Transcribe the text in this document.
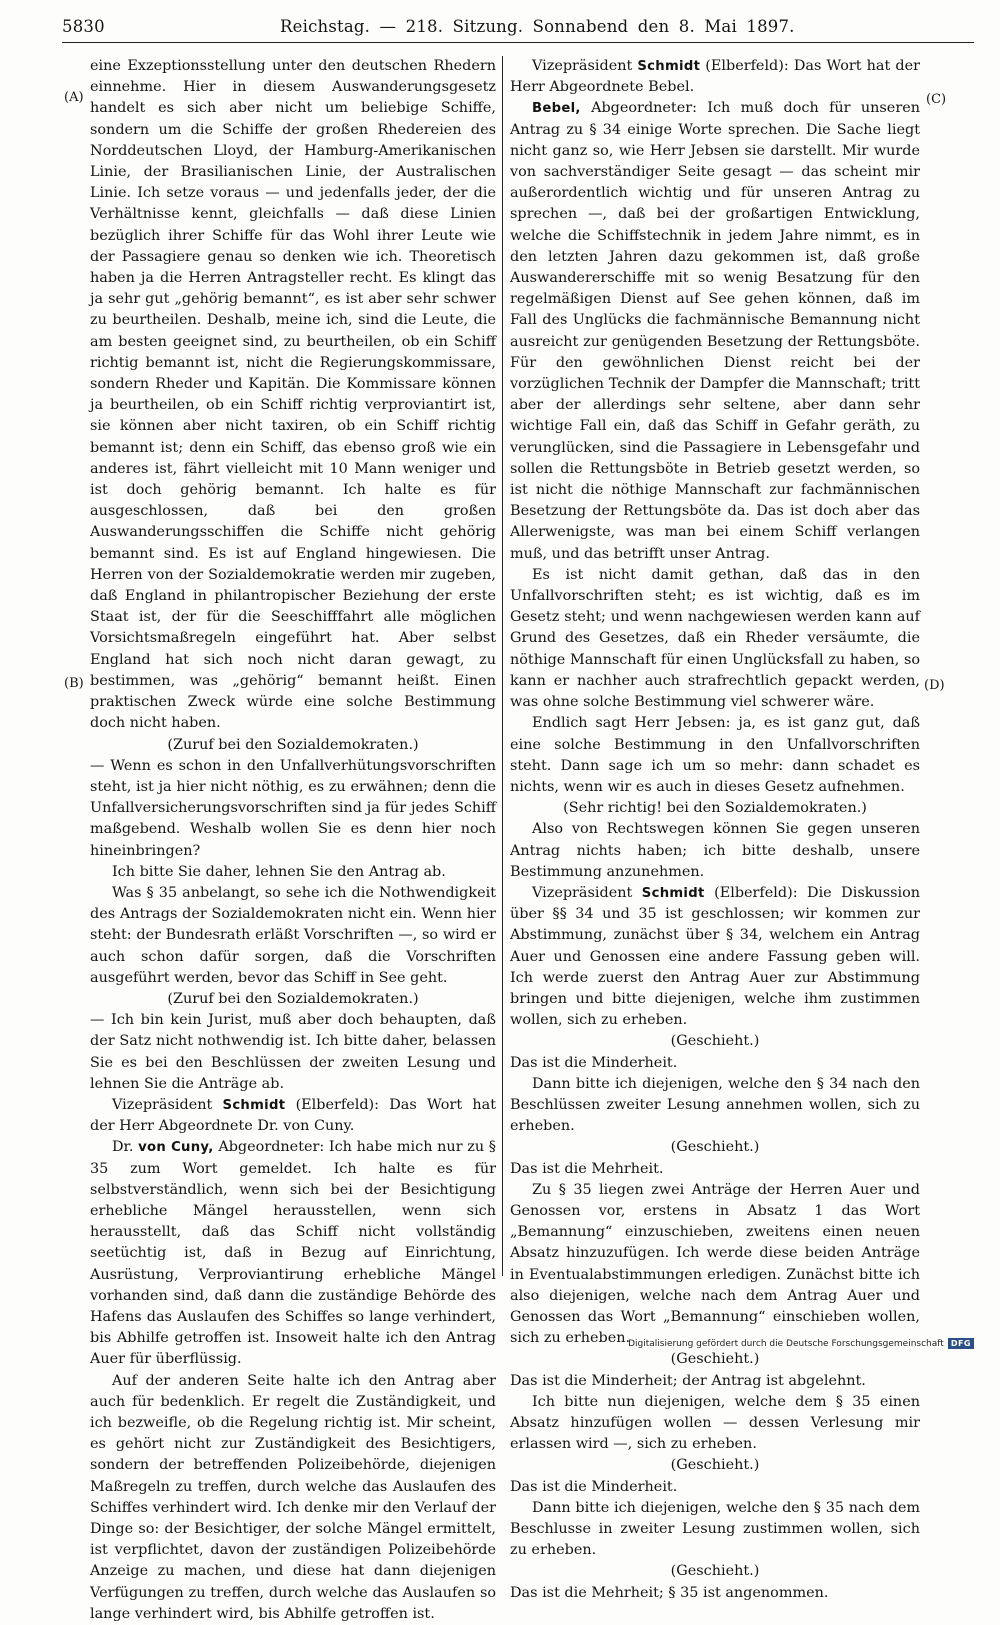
5830	Reichstag. — 218. Sitzung. Sonnabend den 8. Mai 1897.
(A)
(B)
(C)
(D)

eine Exzeptionsstellung unter den deutschen Rhedern einnehme. Hier in diesem Auswanderungsgesetz handelt es sich aber nicht um beliebige Schiffe, sondern um die Schiffe der großen Rhedereien des Norddeutschen Lloyd, der Hamburg-Amerikanischen Linie, der Brasilianischen Linie, der Australischen Linie. Ich setze voraus — und jedenfalls jeder, der die Verhältnisse kennt, gleichfalls — daß diese Linien bezüglich ihrer Schiffe für das Wohl ihrer Leute wie der Passagiere genau so denken wie ich. Theoretisch haben ja die Herren Antragsteller recht. Es klingt das ja sehr gut „gehörig bemannt“, es ist aber sehr schwer zu beurtheilen. Deshalb, meine ich, sind die Leute, die am besten geeignet sind, zu beurtheilen, ob ein Schiff richtig bemannt ist, nicht die Regierungskommissare, sondern Rheder und Kapitän. Die Kommissare können ja beurtheilen, ob ein Schiff richtig verproviantirt ist, sie können aber nicht taxiren, ob ein Schiff richtig bemannt ist; denn ein Schiff, das ebenso groß wie ein anderes ist, fährt vielleicht mit 10 Mann weniger und ist doch gehörig bemannt. Ich halte es für ausgeschlossen, daß bei den großen Auswanderungsschiffen die Schiffe nicht gehörig bemannt sind. Es ist auf England hingewiesen. Die Herren von der Sozialdemokratie werden mir zugeben, daß England in philantropischer Beziehung der erste Staat ist, der für die Seeschifffahrt alle möglichen Vorsichtsmaßregeln eingeführt hat. Aber selbst England hat sich noch nicht daran gewagt, zu bestimmen, was „gehörig“ bemannt heißt. Einen praktischen Zweck würde eine solche Bestimmung doch nicht haben.

(Zuruf bei den Sozialdemokraten.)

— Wenn es schon in den Unfallverhütungsvorschriften steht, ist ja hier nicht nöthig, es zu erwähnen; denn die Unfallversicherungsvorschriften sind ja für jedes Schiff maßgebend. Weshalb wollen Sie es denn hier noch hineinbringen?

Ich bitte Sie daher, lehnen Sie den Antrag ab.

Was § 35 anbelangt, so sehe ich die Nothwendigkeit des Antrags der Sozialdemokraten nicht ein. Wenn hier steht: der Bundesrath erläßt Vorschriften —, so wird er auch schon dafür sorgen, daß die Vorschriften ausgeführt werden, bevor das Schiff in See geht.

(Zuruf bei den Sozialdemokraten.)

— Ich bin kein Jurist, muß aber doch behaupten, daß der Satz nicht nothwendig ist. Ich bitte daher, belassen Sie es bei den Beschlüssen der zweiten Lesung und lehnen Sie die Anträge ab.

Vizepräsident Schmidt (Elberfeld): Das Wort hat der Herr Abgeordnete Dr. von Cuny.

Dr. von Cuny, Abgeordneter: Ich habe mich nur zu § 35 zum Wort gemeldet. Ich halte es für selbstverständlich, wenn sich bei der Besichtigung erhebliche Mängel herausstellen, wenn sich herausstellt, daß das Schiff nicht vollständig seetüchtig ist, daß in Bezug auf Einrichtung, Ausrüstung, Verproviantirung erhebliche Mängel vorhanden sind, daß dann die zuständige Behörde des Hafens das Auslaufen des Schiffes so lange verhindert, bis Abhilfe getroffen ist. Insoweit halte ich den Antrag Auer für überflüssig.

Auf der anderen Seite halte ich den Antrag aber auch für bedenklich. Er regelt die Zuständigkeit, und ich bezweifle, ob die Regelung richtig ist. Mir scheint, es gehört nicht zur Zuständigkeit des Besichtigers, sondern der betreffenden Polizeibehörde, diejenigen Maßregeln zu treffen, durch welche das Auslaufen des Schiffes verhindert wird. Ich denke mir den Verlauf der Dinge so: der Besichtiger, der solche Mängel ermittelt, ist verpflichtet, davon der zuständigen Polizeibehörde Anzeige zu machen, und diese hat dann diejenigen Verfügungen zu treffen, durch welche das Auslaufen so lange verhindert wird, bis Abhilfe getroffen ist.

Vizepräsident Schmidt (Elberfeld): Das Wort hat der Herr Abgeordnete Bebel.

Bebel, Abgeordneter: Ich muß doch für unseren Antrag zu § 34 einige Worte sprechen. Die Sache liegt nicht ganz so, wie Herr Jebsen sie darstellt. Mir wurde von sachverständiger Seite gesagt — das scheint mir außerordentlich wichtig und für unseren Antrag zu sprechen —, daß bei der großartigen Entwicklung, welche die Schiffstechnik in jedem Jahre nimmt, es in den letzten Jahren dazu gekommen ist, daß große Auswandererschiffe mit so wenig Besatzung für den regelmäßigen Dienst auf See gehen können, daß im Fall des Unglücks die fachmännische Bemannung nicht ausreicht zur genügenden Besetzung der Rettungsböte. Für den gewöhnlichen Dienst reicht bei der vorzüglichen Technik der Dampfer die Mannschaft; tritt aber der allerdings sehr seltene, aber dann sehr wichtige Fall ein, daß das Schiff in Gefahr geräth, zu verunglücken, sind die Passagiere in Lebensgefahr und sollen die Rettungsböte in Betrieb gesetzt werden, so ist nicht die nöthige Mannschaft zur fachmännischen Besetzung der Rettungsböte da. Das ist doch aber das Allerwenigste, was man bei einem Schiff verlangen muß, und das betrifft unser Antrag.

Es ist nicht damit gethan, daß das in den Unfallvorschriften steht; es ist wichtig, daß es im Gesetz steht; und wenn nachgewiesen werden kann auf Grund des Gesetzes, daß ein Rheder versäumte, die nöthige Mannschaft für einen Unglücksfall zu haben, so kann er nachher auch strafrechtlich gepackt werden, was ohne solche Bestimmung viel schwerer wäre.

Endlich sagt Herr Jebsen: ja, es ist ganz gut, daß eine solche Bestimmung in den Unfallvorschriften steht. Dann sage ich um so mehr: dann schadet es nichts, wenn wir es auch in dieses Gesetz aufnehmen.

(Sehr richtig! bei den Sozialdemokraten.)

Also von Rechtswegen können Sie gegen unseren Antrag nichts haben; ich bitte deshalb, unsere Bestimmung anzunehmen.

Vizepräsident Schmidt (Elberfeld): Die Diskussion über §§ 34 und 35 ist geschlossen; wir kommen zur Abstimmung, zunächst über § 34, welchem ein Antrag Auer und Genossen eine andere Fassung geben will. Ich werde zuerst den Antrag Auer zur Abstimmung bringen und bitte diejenigen, welche ihm zustimmen wollen, sich zu erheben.

(Geschieht.)

Das ist die Minderheit.

Dann bitte ich diejenigen, welche den § 34 nach den Beschlüssen zweiter Lesung annehmen wollen, sich zu erheben.

(Geschieht.)

Das ist die Mehrheit.

Zu § 35 liegen zwei Anträge der Herren Auer und Genossen vor, erstens in Absatz 1 das Wort „Bemannung“ einzuschieben, zweitens einen neuen Absatz hinzuzufügen. Ich werde diese beiden Anträge in Eventualabstimmungen erledigen. Zunächst bitte ich also diejenigen, welche nach dem Antrag Auer und Genossen das Wort „Bemannung“ einschieben wollen, sich zu erheben.

(Geschieht.)

Das ist die Minderheit; der Antrag ist abgelehnt.

Ich bitte nun diejenigen, welche dem § 35 einen Absatz hinzufügen wollen — dessen Verlesung mir erlassen wird —, sich zu erheben.

(Geschieht.)

Das ist die Minderheit.

Dann bitte ich diejenigen, welche den § 35 nach dem Beschlusse in zweiter Lesung zustimmen wollen, sich zu erheben.

(Geschieht.)

Das ist die Mehrheit; § 35 ist angenommen.

Digitalisierung gefördert durch die Deutsche Forschungsgemeinschaft DFG
